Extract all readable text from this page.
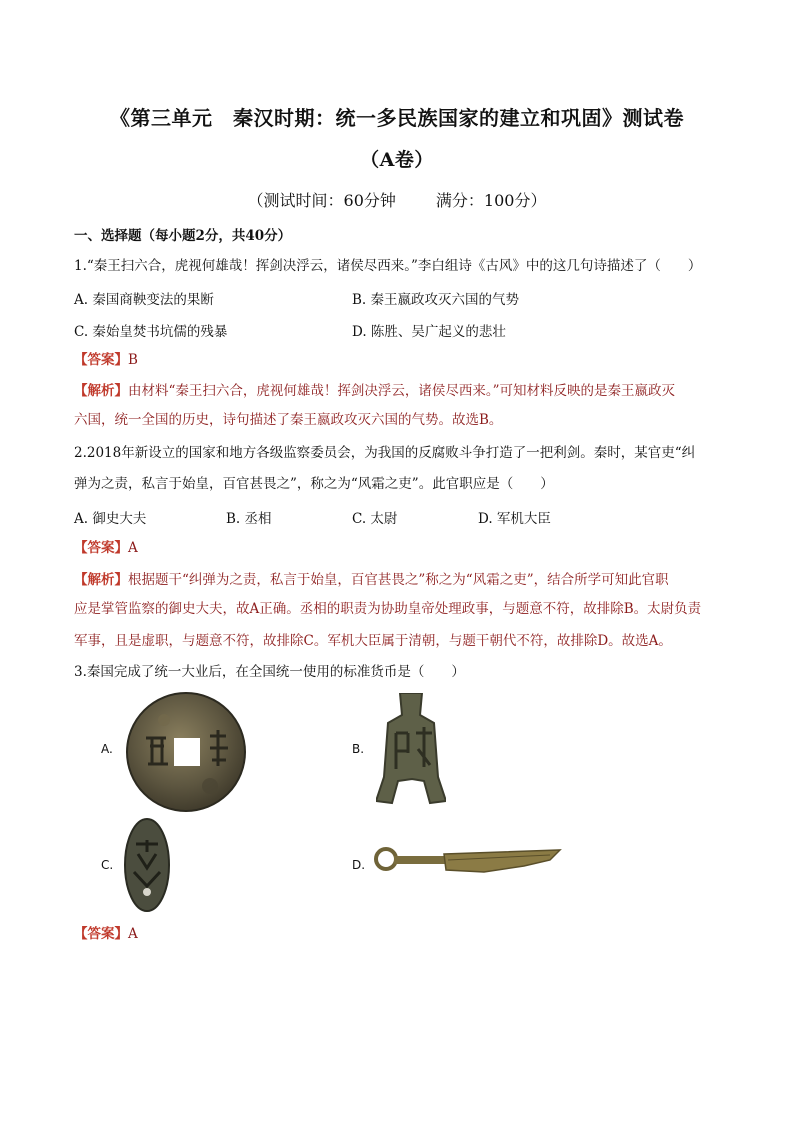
《第三单元　秦汉时期：统一多民族国家的建立和巩固》测试卷
（A卷）
（测试时间：60分钟	满分：100分）
一、选择题（每小题2分，共40分）
1.“秦王扫六合，虎视何雄哉！挥剑决浮云，诸侯尽西来。”李白组诗《古风》中的这几句诗描述了（　　）
A. 秦国商鞅变法的果断	B. 秦王嬴政攻灭六国的气势
C. 秦始皇焚书坑儒的残暴	D. 陈胜、吴广起义的悲壮
【答案】B
【解析】由材料“秦王扫六合，虎视何雄哉！挥剑决浮云，诸侯尽西来。”可知材料反映的是秦王嬴政灭
六国，统一全国的历史，诗句描述了秦王嬴政攻灭六国的气势。故选B。
2.2018年新设立的国家和地方各级监察委员会，为我国的反腐败斗争打造了一把利剑。秦时，某官吏“纠
弹为之责，私言于始皇，百官甚畏之”，称之为“风霜之吏”。此官职应是（　　）
A. 御史大夫	B. 丞相	C. 太尉	D. 军机大臣
【答案】A
【解析】根据题干“纠弹为之责，私言于始皇，百官甚畏之”称之为“风霜之吏”，结合所学可知此官职
应是掌管监察的御史大夫，故A正确。丞相的职责为协助皇帝处理政事，与题意不符，故排除B。太尉负责
军事，且是虚职，与题意不符，故排除C。军机大臣属于清朝，与题干朝代不符，故排除D。故选A。
3.秦国完成了统一大业后，在全国统一使用的标准货币是（　　）
A.	B.
C.	D.
【答案】A
